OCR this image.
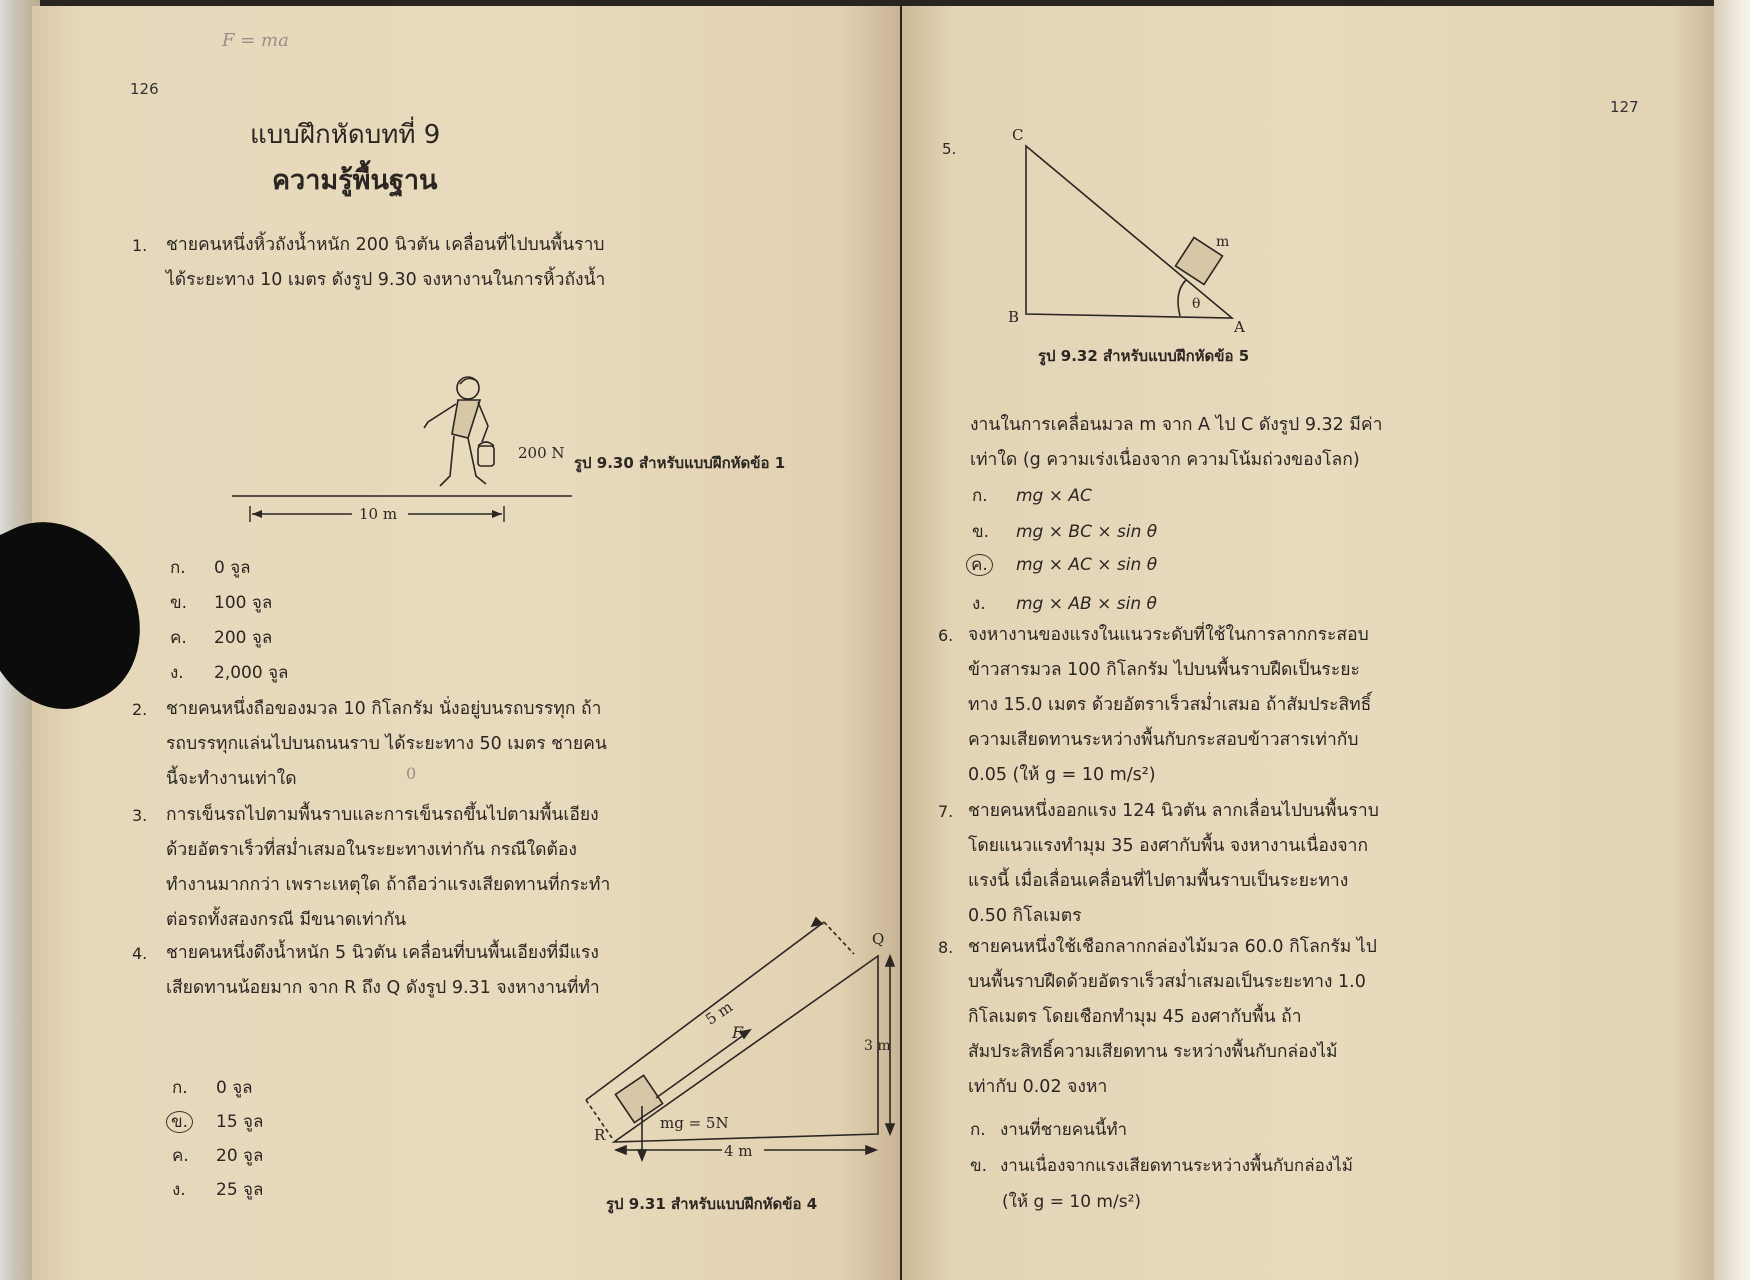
F = ma
126
แบบฝึกหัดบทที่ 9
ความรู้พื้นฐาน
1. ชายคนหนึ่งหิ้วถังน้ำหนัก 200 นิวตัน เคลื่อนที่ไปบนพื้นราบได้ระยะทาง 10 เมตร ดังรูป 9.30 จงหางานในการหิ้วถังน้ำ
200 N
10 m
รูป 9.30 สำหรับแบบฝึกหัดข้อ 1
ก. 0 จูล
ข. 100 จูล
ค. 200 จูล
ง. 2,000 จูล
2. ชายคนหนึ่งถือของมวล 10 กิโลกรัม นั่งอยู่บนรถบรรทุก ถ้ารถบรรทุกแล่นไปบนถนนราบ ได้ระยะทาง 50 เมตร ชายคนนี้จะทำงานเท่าใด	0
3. การเข็นรถไปตามพื้นราบและการเข็นรถขึ้นไปตามพื้นเอียงด้วยอัตราเร็วที่สม่ำเสมอในระยะทางเท่ากัน กรณีใดต้องทำงานมากกว่า เพราะเหตุใด ถ้าถือว่าแรงเสียดทานที่กระทำต่อรถทั้งสองกรณี มีขนาดเท่ากัน
4. ชายคนหนึ่งดึงน้ำหนัก 5 นิวตัน เคลื่อนที่บนพื้นเอียงที่มีแรงเสียดทานน้อยมาก จาก R ถึง Q ดังรูป 9.31 จงหางานที่ทำ
ก. 0 จูล
ข. 15 จูล
ค. 20 จูล
ง. 25 จูล
5 m
F
3 m
4 m
mg = 5N
R
Q
รูป 9.31 สำหรับแบบฝึกหัดข้อ 4
127
5.
C
B
A
m
θ
รูป 9.32 สำหรับแบบฝึกหัดข้อ 5
งานในการเคลื่อนมวล m จาก A ไป C ดังรูป 9.32 มีค่าเท่าใด (g ความเร่งเนื่องจาก ความโน้มถ่วงของโลก)
ก. mg × AC
ข. mg × BC × sin θ
ค. mg × AC × sin θ
ง. mg × AB × sin θ
6. จงหางานของแรงในแนวระดับที่ใช้ในการลากกระสอบข้าวสารมวล 100 กิโลกรัม ไปบนพื้นราบฝืดเป็นระยะทาง 15.0 เมตร ด้วยอัตราเร็วสม่ำเสมอ ถ้าสัมประสิทธิ์ความเสียดทานระหว่างพื้นกับกระสอบข้าวสารเท่ากับ 0.05 (ให้ g = 10 m/s²)
7. ชายคนหนึ่งออกแรง 124 นิวตัน ลากเลื่อนไปบนพื้นราบ โดยแนวแรงทำมุม 35 องศากับพื้น จงหางานเนื่องจากแรงนี้ เมื่อเลื่อนเคลื่อนที่ไปตามพื้นราบเป็นระยะทาง 0.50 กิโลเมตร
8. ชายคนหนึ่งใช้เชือกลากกล่องไม้มวล 60.0 กิโลกรัม ไปบนพื้นราบฝืดด้วยอัตราเร็วสม่ำเสมอเป็นระยะทาง 1.0 กิโลเมตร โดยเชือกทำมุม 45 องศากับพื้น ถ้าสัมประสิทธิ์ความเสียดทาน ระหว่างพื้นกับกล่องไม้เท่ากับ 0.02 จงหา
ก. งานที่ชายคนนี้ทำ
ข. งานเนื่องจากแรงเสียดทานระหว่างพื้นกับกล่องไม้
(ให้ g = 10 m/s²)
